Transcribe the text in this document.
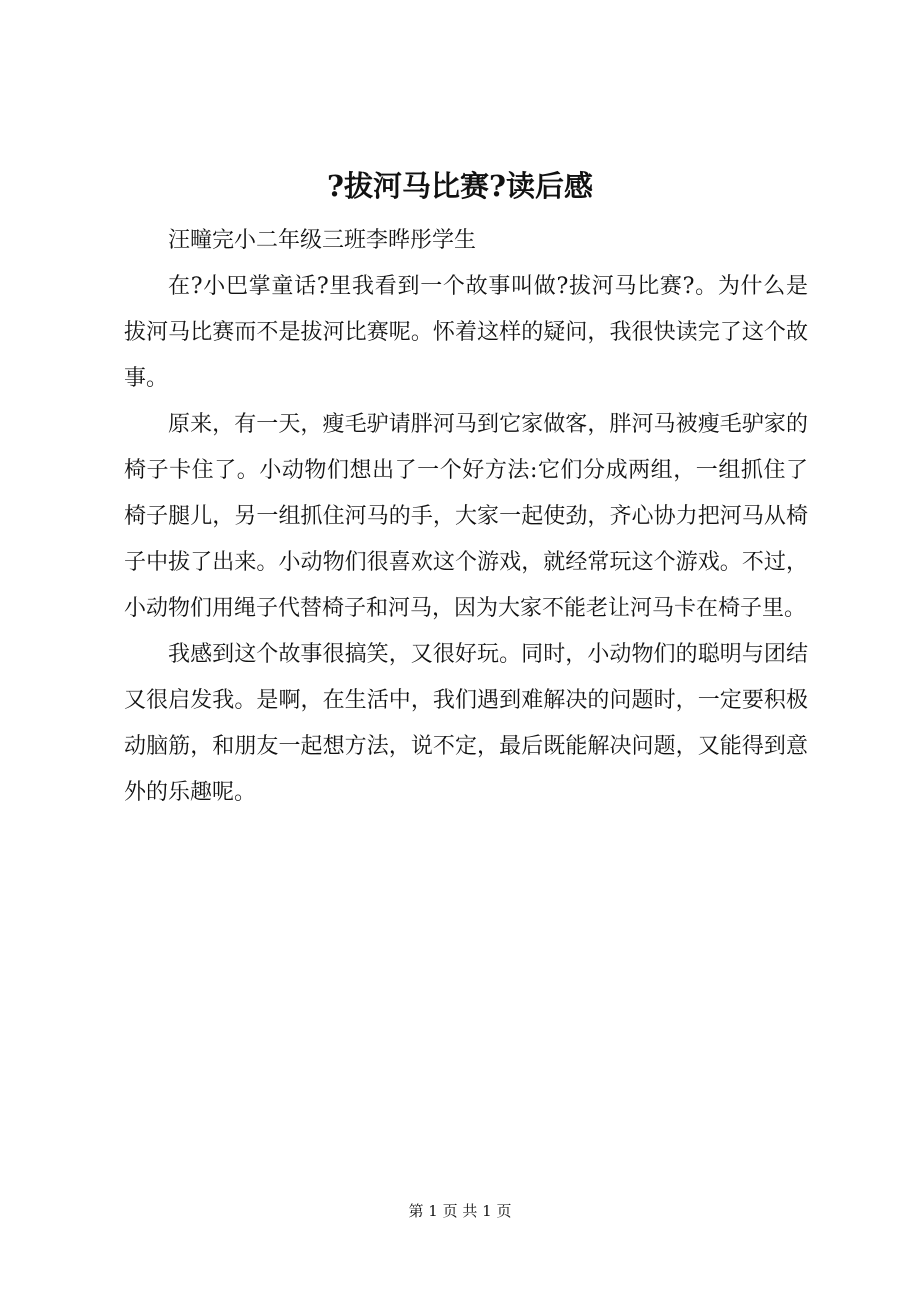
?拔河马比赛?读后感

汪疃完小二年级三班李晔彤学生

在?小巴掌童话?里我看到一个故事叫做?拔河马比赛?。为什么是拔河马比赛而不是拔河比赛呢。怀着这样的疑问，我很快读完了这个故事。

原来，有一天，瘦毛驴请胖河马到它家做客，胖河马被瘦毛驴家的椅子卡住了。小动物们想出了一个好方法:它们分成两组，一组抓住了椅子腿儿，另一组抓住河马的手，大家一起使劲，齐心协力把河马从椅子中拔了出来。小动物们很喜欢这个游戏，就经常玩这个游戏。不过，小动物们用绳子代替椅子和河马，因为大家不能老让河马卡在椅子里。

我感到这个故事很搞笑，又很好玩。同时，小动物们的聪明与团结又很启发我。是啊，在生活中，我们遇到难解决的问题时，一定要积极动脑筋，和朋友一起想方法，说不定，最后既能解决问题，又能得到意外的乐趣呢。

第 1 页 共 1 页
